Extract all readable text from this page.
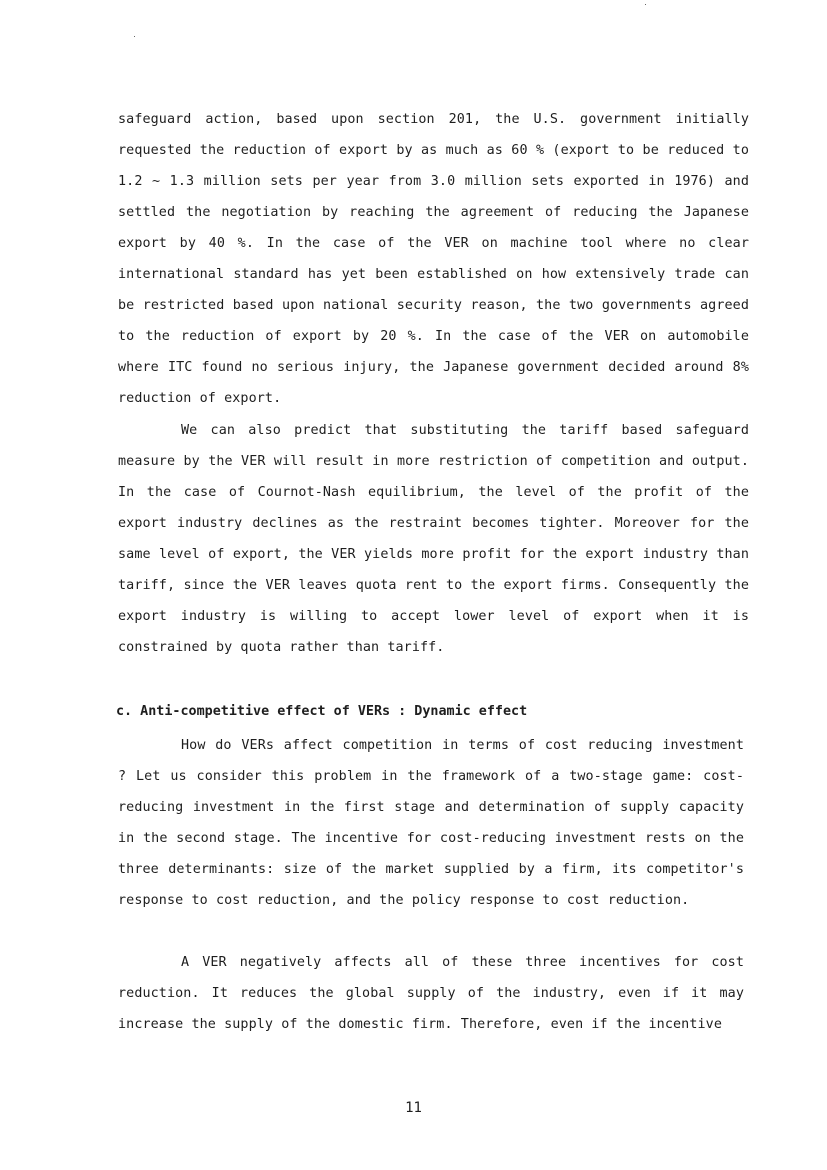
safeguard action, based upon section 201, the U.S. government initially requested the reduction of export by as much as 60 % (export to be reduced to 1.2 ~ 1.3 million sets per year from 3.0 million sets exported in 1976) and settled the negotiation by reaching the agreement of reducing the Japanese export by 40 %. In the case of the VER on machine tool where no clear international standard has yet been established on how extensively trade can be restricted based upon national security reason, the two governments agreed to the reduction of export by 20 %. In the case of the VER on automobile where ITC found no serious injury, the Japanese government decided around 8% reduction of export.

We can also predict that substituting the tariff based safeguard measure by the VER will result in more restriction of competition and output. In the case of Cournot-Nash equilibrium, the level of the profit of the export industry declines as the restraint becomes tighter. Moreover for the same level of export, the VER yields more profit for the export industry than tariff, since the VER leaves quota rent to the export firms. Consequently the export industry is willing to accept lower level of export when it is constrained by quota rather than tariff.

c. Anti-competitive effect of VERs : Dynamic effect

How do VERs affect competition in terms of cost reducing investment ? Let us consider this problem in the framework of a two-stage game: cost-reducing investment in the first stage and determination of supply capacity in the second stage. The incentive for cost-reducing investment rests on the three determinants: size of the market supplied by a firm, its competitor's response to cost reduction, and the policy response to cost reduction.

A VER negatively affects all of these three incentives for cost reduction. It reduces the global supply of the industry, even if it may increase the supply of the domestic firm. Therefore, even if the incentive

11
